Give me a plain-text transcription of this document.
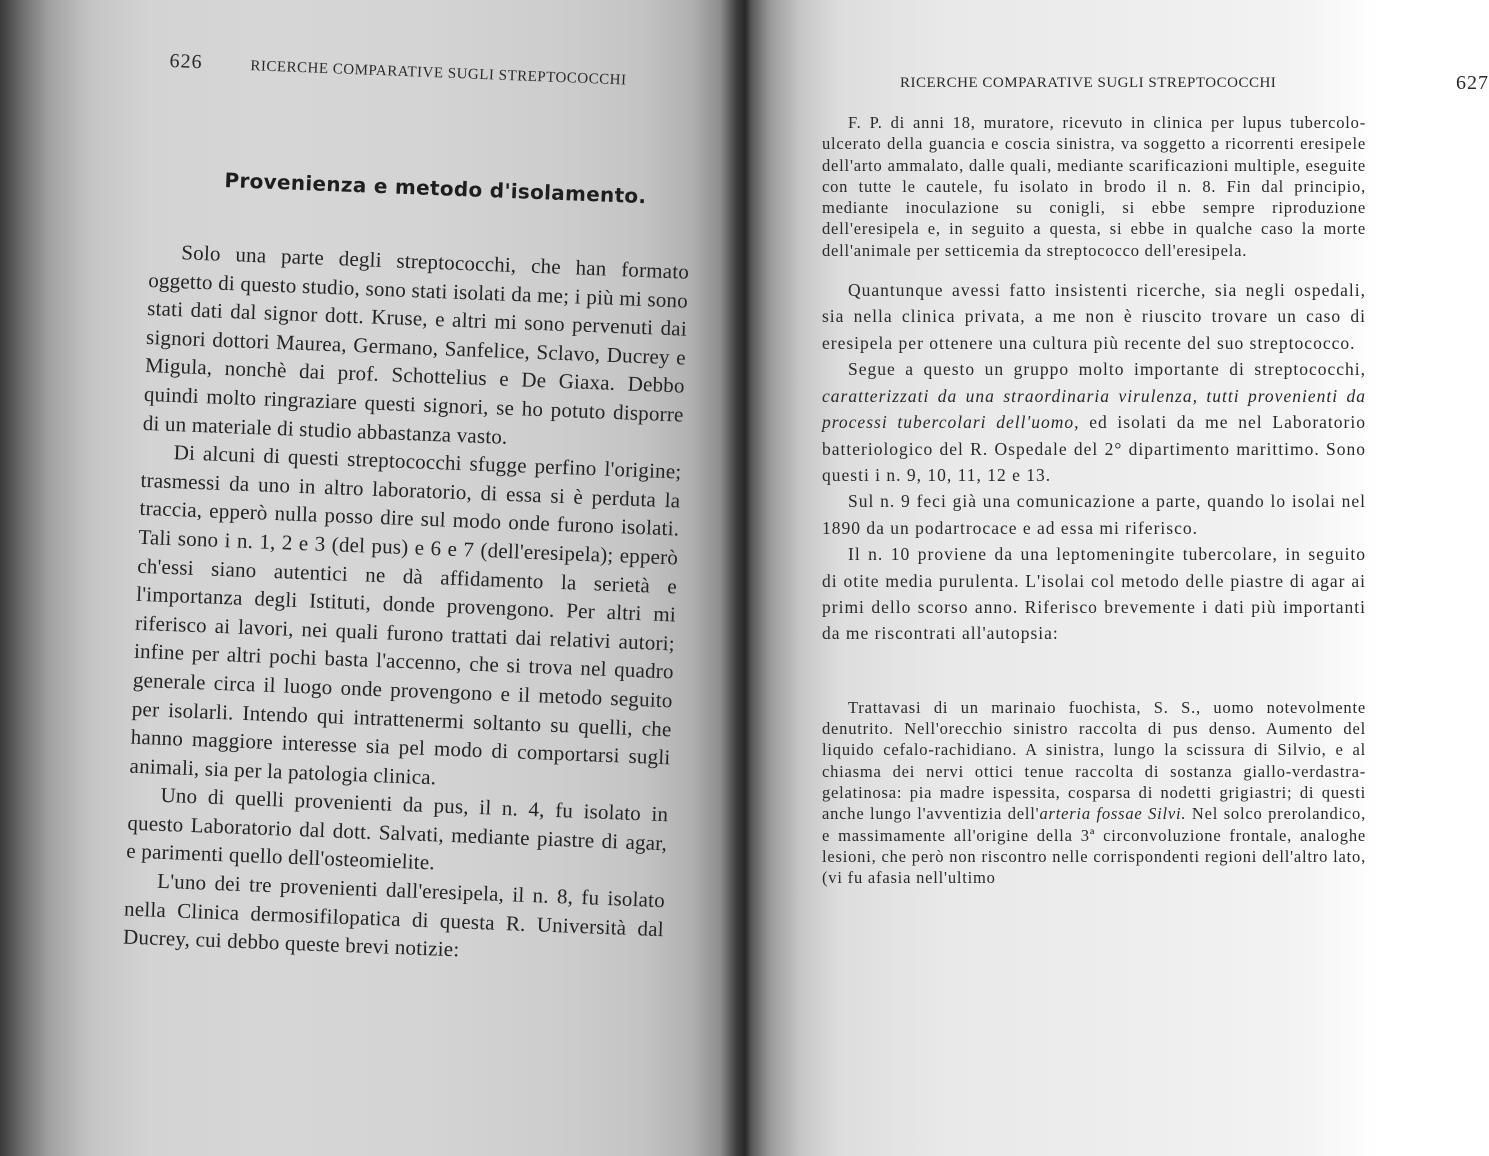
626	RICERCHE COMPARATIVE SUGLI STREPTOCOCCHI
Provenienza e metodo d'isolamento.

Solo una parte degli streptococchi, che han formato oggetto di questo studio, sono stati isolati da me; i più mi sono stati dati dal signor dott. Kruse, e altri mi sono pervenuti dai signori dottori Maurea, Germano, Sanfelice, Sclavo, Ducrey e Migula, nonchè dai prof. Schottelius e De Giaxa. Debbo quindi molto ringraziare questi signori, se ho potuto disporre di un materiale di studio abbastanza vasto.

Di alcuni di questi streptococchi sfugge perfino l'origine; trasmessi da uno in altro laboratorio, di essa si è perduta la traccia, epperò nulla posso dire sul modo onde furono isolati. Tali sono i n. 1, 2 e 3 (del pus) e 6 e 7 (dell'eresipela); epperò ch'essi siano autentici ne dà affidamento la serietà e l'importanza degli Istituti, donde provengono. Per altri mi riferisco ai lavori, nei quali furono trattati dai relativi autori; infine per altri pochi basta l'accenno, che si trova nel quadro generale circa il luogo onde provengono e il metodo seguito per isolarli. Intendo qui intrattenermi soltanto su quelli, che hanno maggiore interesse sia pel modo di comportarsi sugli animali, sia per la patologia clinica.

Uno di quelli provenienti da pus, il n. 4, fu isolato in questo Laboratorio dal dott. Salvati, mediante piastre di agar, e parimenti quello dell'osteomielite.

L'uno dei tre provenienti dall'eresipela, il n. 8, fu isolato nella Clinica dermosifilopatica di questa R. Università dal Ducrey, cui debbo queste brevi notizie:

RICERCHE COMPARATIVE SUGLI STREPTOCOCCHI	627

F. P. di anni 18, muratore, ricevuto in clinica per lupus tubercolo-ulcerato della guancia e coscia sinistra, va soggetto a ricorrenti eresipele dell'arto ammalato, dalle quali, mediante scarificazioni multiple, eseguite con tutte le cautele, fu isolato in brodo il n. 8. Fin dal principio, mediante inoculazione su conigli, si ebbe sempre riproduzione dell'eresipela e, in seguito a questa, si ebbe in qualche caso la morte dell'animale per setticemia da streptococco dell'eresipela.

Quantunque avessi fatto insistenti ricerche, sia negli ospedali, sia nella clinica privata, a me non è riuscito trovare un caso di eresipela per ottenere una cultura più recente del suo streptococco.

Segue a questo un gruppo molto importante di streptococchi, caratterizzati da una straordinaria virulenza, tutti provenienti da processi tubercolari dell'uomo, ed isolati da me nel Laboratorio batteriologico del R. Ospedale del 2° dipartimento marittimo. Sono questi i n. 9, 10, 11, 12 e 13.

Sul n. 9 feci già una comunicazione a parte, quando lo isolai nel 1890 da un podartrocace e ad essa mi riferisco.

Il n. 10 proviene da una leptomeningite tubercolare, in seguito di otite media purulenta. L'isolai col metodo delle piastre di agar ai primi dello scorso anno. Riferisco brevemente i dati più importanti da me riscontrati all'autopsia:

Trattavasi di un marinaio fuochista, S. S., uomo notevolmente denutrito. Nell'orecchio sinistro raccolta di pus denso. Aumento del liquido cefalo-rachidiano. A sinistra, lungo la scissura di Silvio, e al chiasma dei nervi ottici tenue raccolta di sostanza giallo-verdastra-gelatinosa: pia madre ispessita, cosparsa di nodetti grigiastri; di questi anche lungo l'avventizia dell'arteria fossae Silvi. Nel solco prerolandico, e massimamente all'origine della 3ª circonvoluzione frontale, analoghe lesioni, che però non riscontro nelle corrispondenti regioni dell'altro lato, (vi fu afasia nell'ultimo
